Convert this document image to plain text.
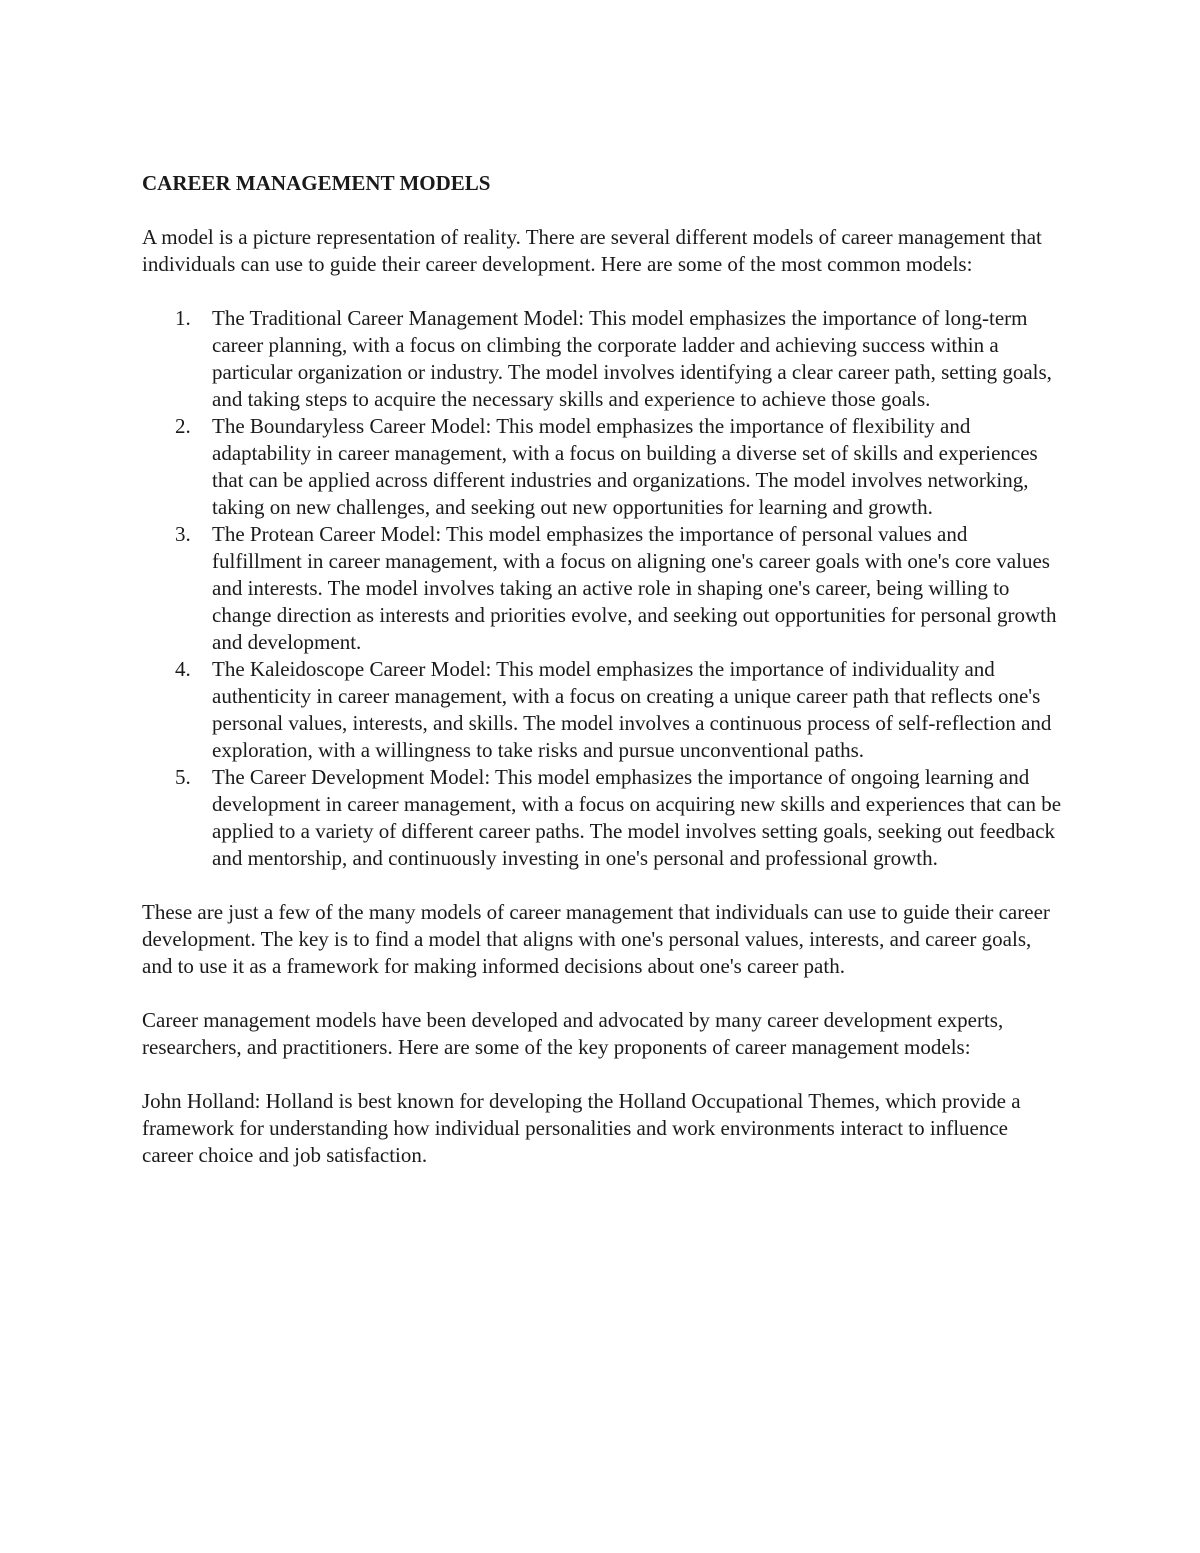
CAREER MANAGEMENT MODELS

A model is a picture representation of reality. There are several different models of career management that individuals can use to guide their career development. Here are some of the most common models:

1. The Traditional Career Management Model: This model emphasizes the importance of long-term career planning, with a focus on climbing the corporate ladder and achieving success within a particular organization or industry. The model involves identifying a clear career path, setting goals, and taking steps to acquire the necessary skills and experience to achieve those goals.
2. The Boundaryless Career Model: This model emphasizes the importance of flexibility and adaptability in career management, with a focus on building a diverse set of skills and experiences that can be applied across different industries and organizations. The model involves networking, taking on new challenges, and seeking out new opportunities for learning and growth.
3. The Protean Career Model: This model emphasizes the importance of personal values and fulfillment in career management, with a focus on aligning one's career goals with one's core values and interests. The model involves taking an active role in shaping one's career, being willing to change direction as interests and priorities evolve, and seeking out opportunities for personal growth and development.
4. The Kaleidoscope Career Model: This model emphasizes the importance of individuality and authenticity in career management, with a focus on creating a unique career path that reflects one's personal values, interests, and skills. The model involves a continuous process of self-reflection and exploration, with a willingness to take risks and pursue unconventional paths.
5. The Career Development Model: This model emphasizes the importance of ongoing learning and development in career management, with a focus on acquiring new skills and experiences that can be applied to a variety of different career paths. The model involves setting goals, seeking out feedback and mentorship, and continuously investing in one's personal and professional growth.

These are just a few of the many models of career management that individuals can use to guide their career development. The key is to find a model that aligns with one's personal values, interests, and career goals, and to use it as a framework for making informed decisions about one's career path.

Career management models have been developed and advocated by many career development experts, researchers, and practitioners. Here are some of the key proponents of career management models:

John Holland: Holland is best known for developing the Holland Occupational Themes, which provide a framework for understanding how individual personalities and work environments interact to influence career choice and job satisfaction.
